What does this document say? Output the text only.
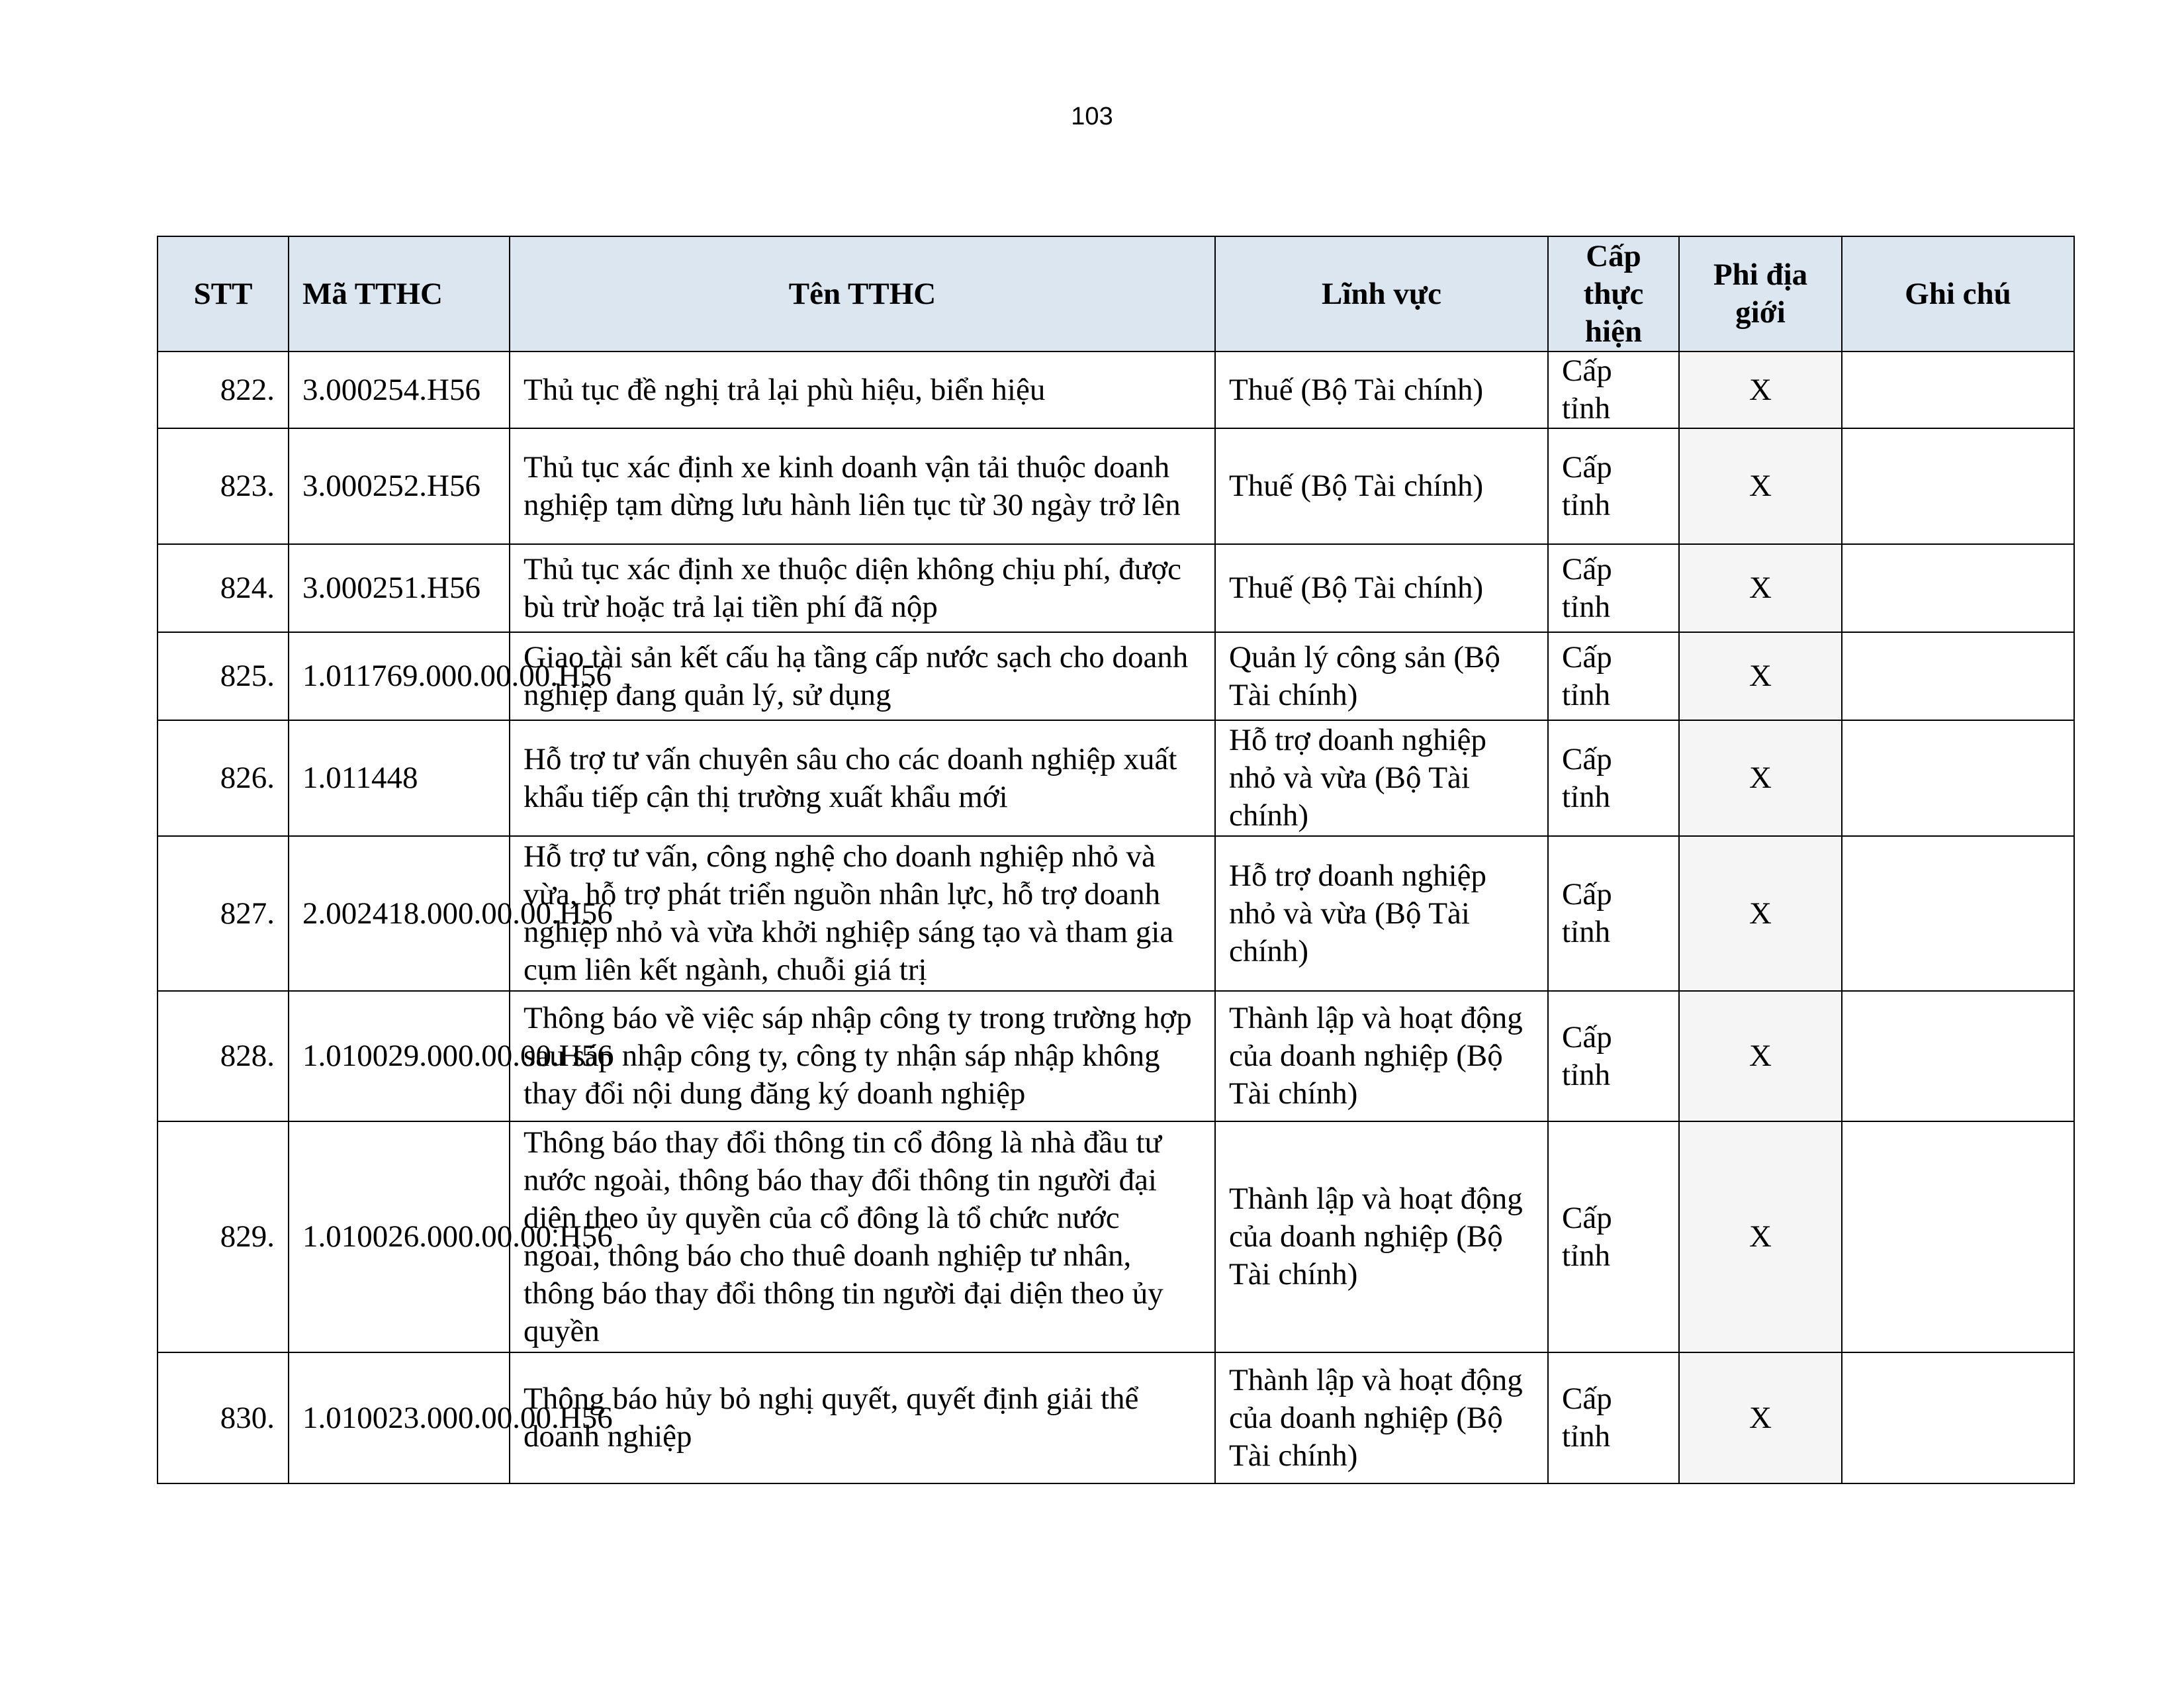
103
STT	Mã TTHC	Tên TTHC	Lĩnh vực	Cấp thực hiện	Phi địa giới	Ghi chú
822.	3.000254.H56	Thủ tục đề nghị trả lại phù hiệu, biển hiệu	Thuế (Bộ Tài chính)	Cấp tỉnh	X	
823.	3.000252.H56	Thủ tục xác định xe kinh doanh vận tải thuộc doanh nghiệp tạm dừng lưu hành liên tục từ 30 ngày trở lên	Thuế (Bộ Tài chính)	Cấp tỉnh	X	
824.	3.000251.H56	Thủ tục xác định xe thuộc diện không chịu phí, được bù trừ hoặc trả lại tiền phí đã nộp	Thuế (Bộ Tài chính)	Cấp tỉnh	X	
825.	1.011769.000.00.00.H56	Giao tài sản kết cấu hạ tầng cấp nước sạch cho doanh nghiệp đang quản lý, sử dụng	Quản lý công sản (Bộ Tài chính)	Cấp tỉnh	X	
826.	1.011448	Hỗ trợ tư vấn chuyên sâu cho các doanh nghiệp xuất khẩu tiếp cận thị trường xuất khẩu mới	Hỗ trợ doanh nghiệp nhỏ và vừa (Bộ Tài chính)	Cấp tỉnh	X	
827.	2.002418.000.00.00.H56	Hỗ trợ tư vấn, công nghệ cho doanh nghiệp nhỏ và vừa, hỗ trợ phát triển nguồn nhân lực, hỗ trợ doanh nghiệp nhỏ và vừa khởi nghiệp sáng tạo và tham gia cụm liên kết ngành, chuỗi giá trị	Hỗ trợ doanh nghiệp nhỏ và vừa (Bộ Tài chính)	Cấp tỉnh	X	
828.	1.010029.000.00.00.H56	Thông báo về việc sáp nhập công ty trong trường hợp sau sáp nhập công ty, công ty nhận sáp nhập không thay đổi nội dung đăng ký doanh nghiệp	Thành lập và hoạt động của doanh nghiệp (Bộ Tài chính)	Cấp tỉnh	X	
829.	1.010026.000.00.00.H56	Thông báo thay đổi thông tin cổ đông là nhà đầu tư nước ngoài, thông báo thay đổi thông tin người đại diện theo ủy quyền của cổ đông là tổ chức nước ngoài, thông báo cho thuê doanh nghiệp tư nhân, thông báo thay đổi thông tin người đại diện theo ủy quyền	Thành lập và hoạt động của doanh nghiệp (Bộ Tài chính)	Cấp tỉnh	X	
830.	1.010023.000.00.00.H56	Thông báo hủy bỏ nghị quyết, quyết định giải thể doanh nghiệp	Thành lập và hoạt động của doanh nghiệp (Bộ Tài chính)	Cấp tỉnh	X	
